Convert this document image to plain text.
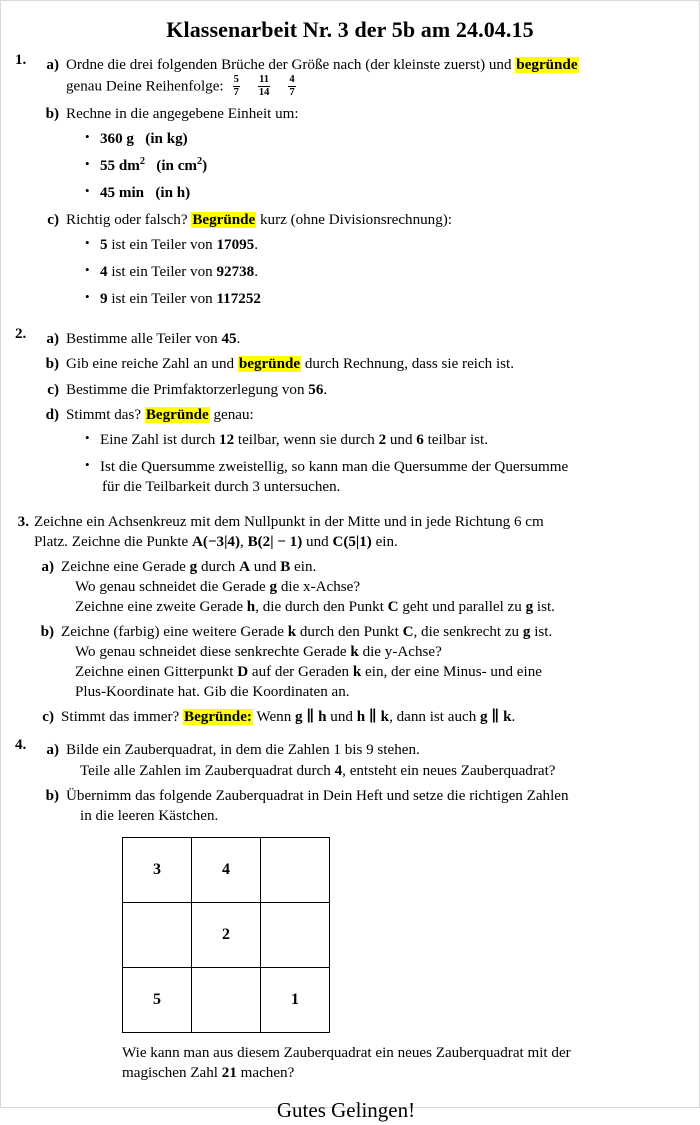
Klassenarbeit Nr. 3 der 5b am 24.04.15
1.	a) Ordne die drei folgenden Brüche der Größe nach (der kleinste zuerst) und begründe
genau Deine Reihenfolge: $\frac{5}{7} \frac{11}{14} \frac{4}{7}$
b) Rechne in die angegebene Einheit um:
• 360 g (in kg)
• 55 $dm^2$ (in $cm^2$)
• 45 min (in h)
c) Richtig oder falsch? Begründe kurz (ohne Divisionsrechnung):
• 5 ist ein Teiler von 17095.
• 4 ist ein Teiler von 92738.
• 9 ist ein Teiler von 117252
2.	a) Bestimme alle Teiler von 45.
b) Gib eine reiche Zahl an und begründe durch Rechnung, dass sie reich ist.
c) Bestimme die Primfaktorzerlegung von 56.
d) Stimmt das? Begründe genau:
• Eine Zahl ist durch 12 teilbar, wenn sie durch 2 und 6 teilbar ist.
• Ist die Quersumme zweistellig, so kann man die Quersumme der Quersumme
für die Teilbarkeit durch 3 untersuchen.
3. Zeichne ein Achsenkreuz mit dem Nullpunkt in der Mitte und in jede Richtung 6 cm
Platz. Zeichne die Punkte A(−3|4), B(2| − 1) und C(5|1) ein.
a) Zeichne eine Gerade g durch A und B ein.
Wo genau schneidet die Gerade g die x-Achse?
Zeichne eine zweite Gerade h, die durch den Punkt C geht und parallel zu g ist.
b) Zeichne (farbig) eine weitere Gerade k durch den Punkt C, die senkrecht zu g ist.
Wo genau schneidet diese senkrechte Gerade k die y-Achse?
Zeichne einen Gitterpunkt D auf der Geraden k ein, der eine Minus- und eine
Plus-Koordinate hat. Gib die Koordinaten an.
c) Stimmt das immer? Begründe: Wenn g ∥ h und h ∥ k, dann ist auch g ∥ k.
4.	a) Bilde ein Zauberquadrat, in dem die Zahlen 1 bis 9 stehen.
Teile alle Zahlen im Zauberquadrat durch 4, entsteht ein neues Zauberquadrat?
b) Übernimm das folgende Zauberquadrat in Dein Heft und setze die richtigen Zahlen
in die leeren Kästchen.
3	4	
	2	
5		1
Wie kann man aus diesem Zauberquadrat ein neues Zauberquadrat mit der
magischen Zahl 21 machen?
Gutes Gelingen!
